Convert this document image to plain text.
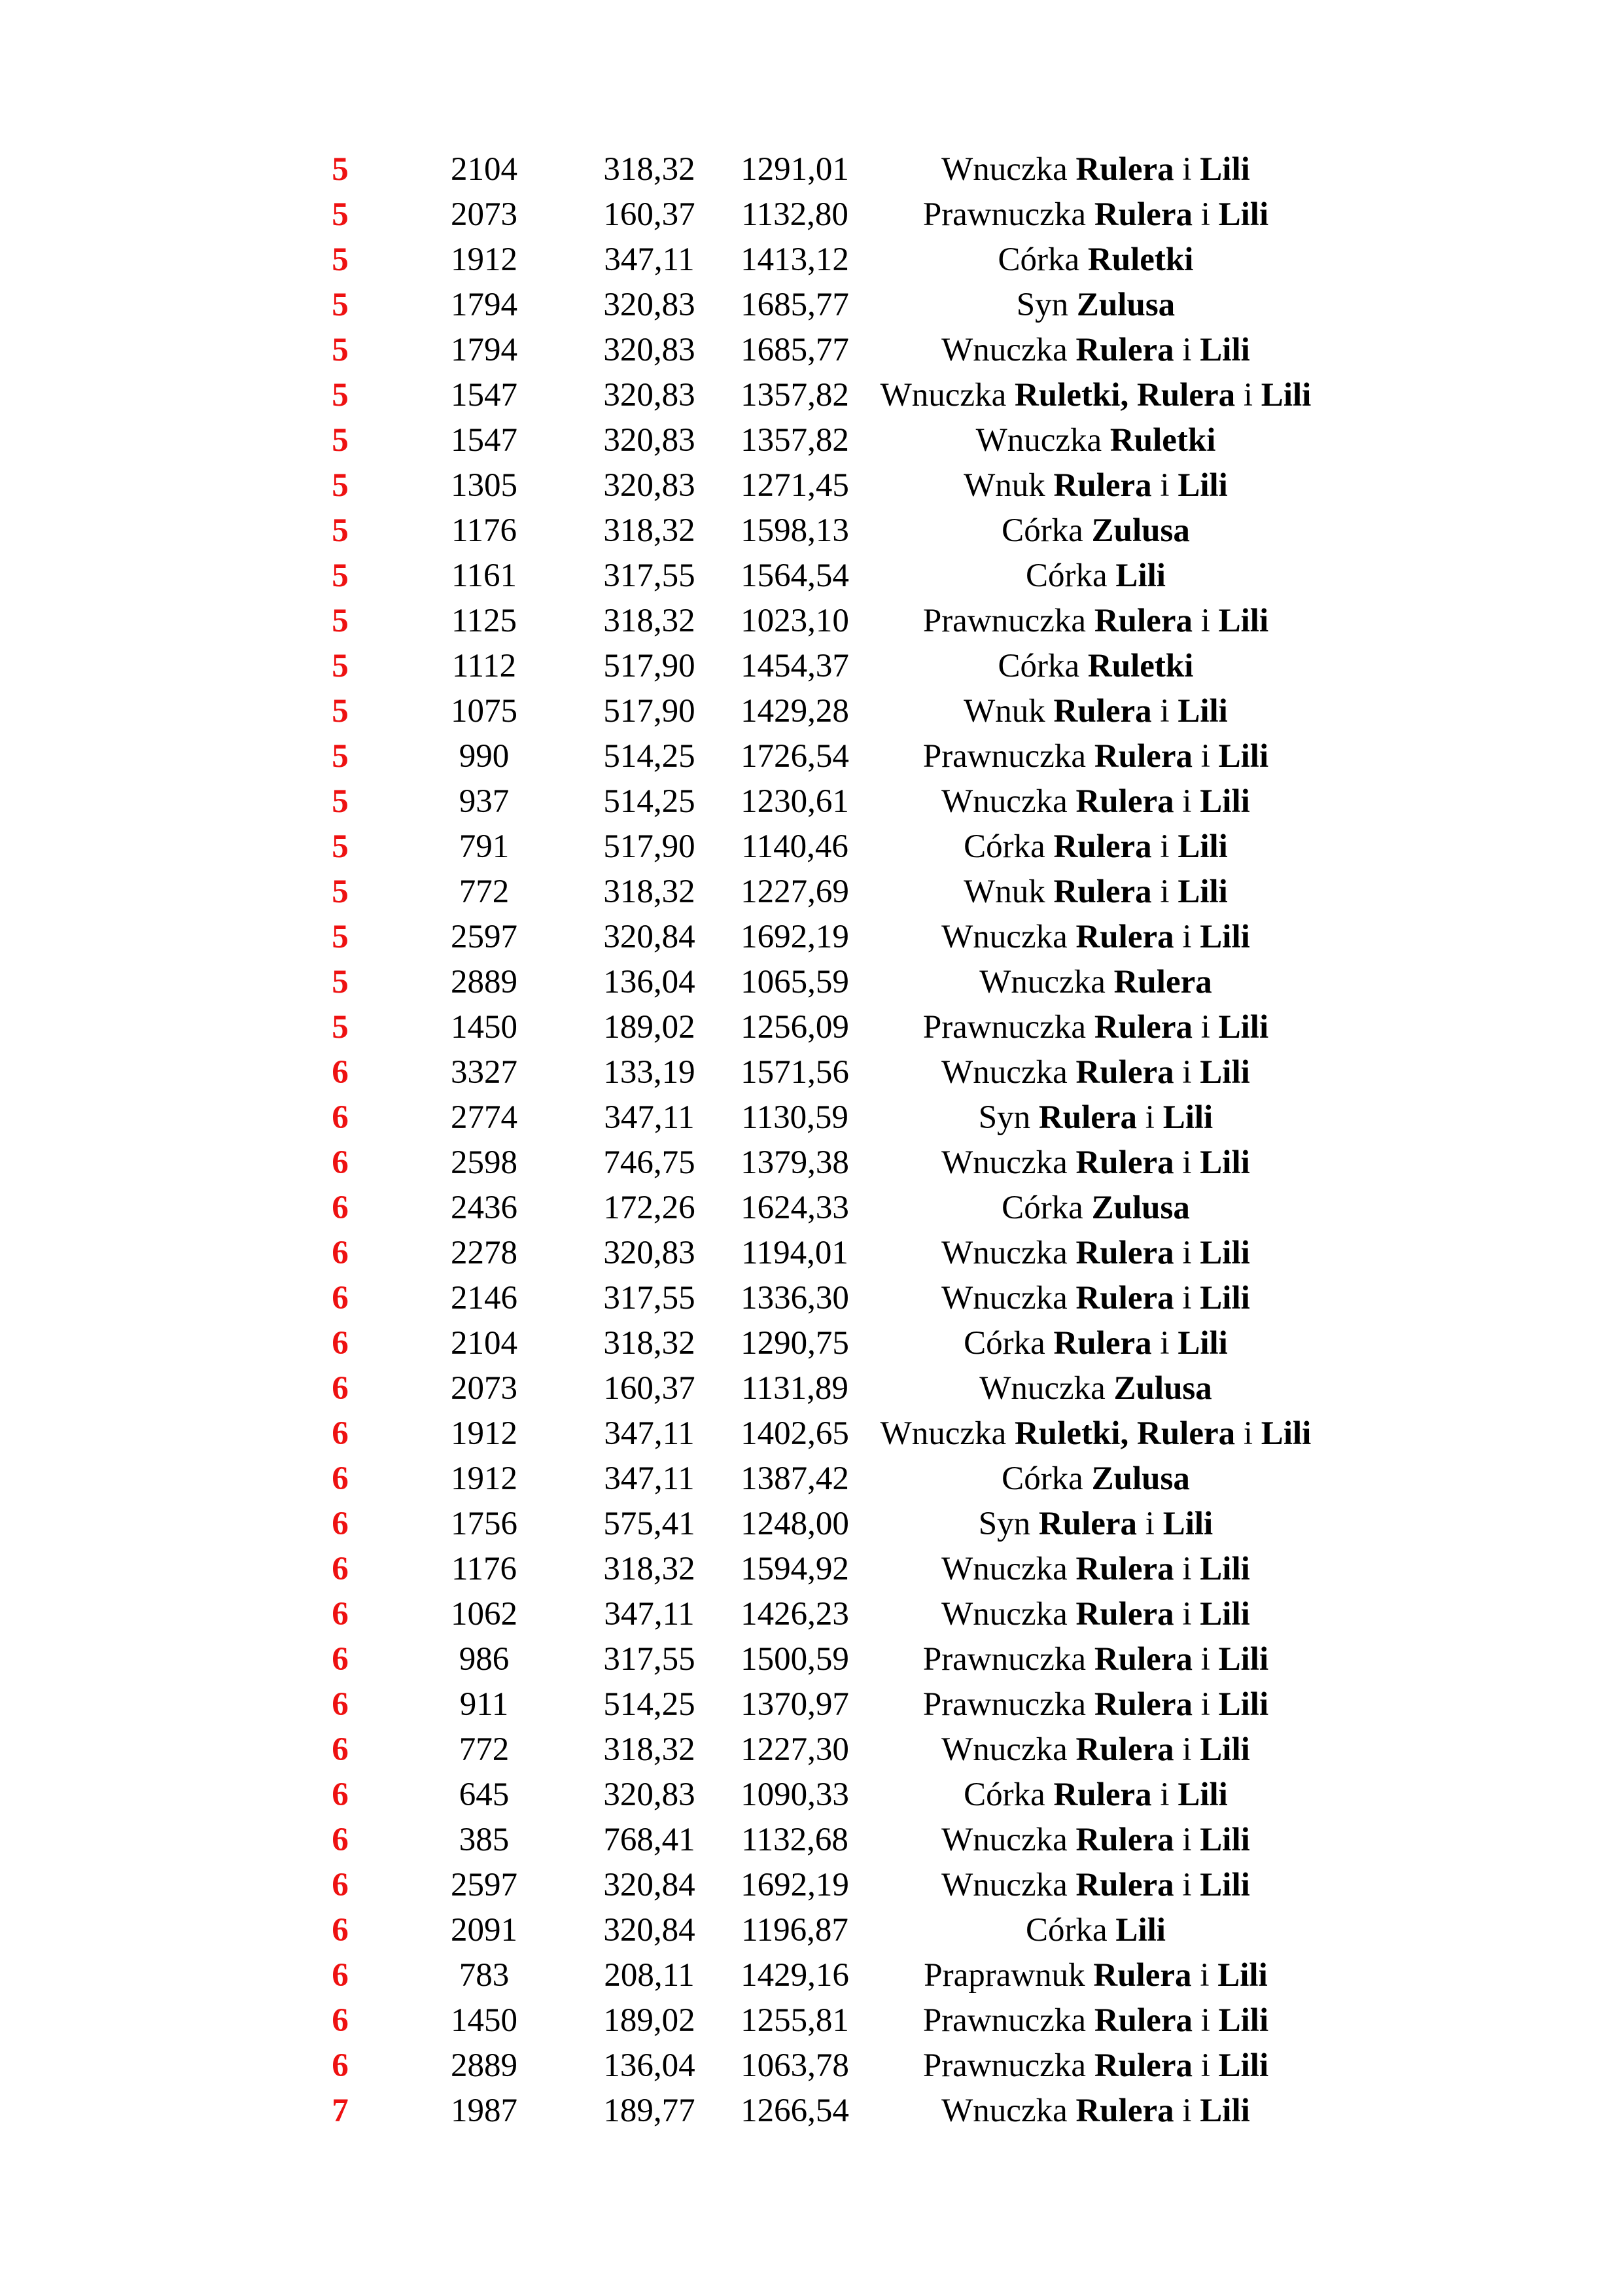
5	2104	318,32	1291,01	Wnuczka Rulera i Lili
5	2073	160,37	1132,80	Prawnuczka Rulera i Lili
5	1912	347,11	1413,12	Córka Ruletki
5	1794	320,83	1685,77	Syn Zulusa
5	1794	320,83	1685,77	Wnuczka Rulera i Lili
5	1547	320,83	1357,82 Wnuczka Ruletki, Rulera i Lili
5	1547	320,83	1357,82	Wnuczka Ruletki
5	1305	320,83	1271,45	Wnuk Rulera i Lili
5	1176	318,32	1598,13	Córka Zulusa
5	1161	317,55	1564,54	Córka Lili
5	1125	318,32	1023,10	Prawnuczka Rulera i Lili
5	1112	517,90	1454,37	Córka Ruletki
5	1075	517,90	1429,28	Wnuk Rulera i Lili
5	990	514,25	1726,54	Prawnuczka Rulera i Lili
5	937	514,25	1230,61	Wnuczka Rulera i Lili
5	791	517,90	1140,46	Córka Rulera i Lili
5	772	318,32	1227,69	Wnuk Rulera i Lili
5	2597	320,84	1692,19	Wnuczka Rulera i Lili
5	2889	136,04	1065,59	Wnuczka Rulera
5	1450	189,02	1256,09	Prawnuczka Rulera i Lili
6	3327	133,19	1571,56	Wnuczka Rulera i Lili
6	2774	347,11	1130,59	Syn Rulera i Lili
6	2598	746,75	1379,38	Wnuczka Rulera i Lili
6	2436	172,26	1624,33	Córka Zulusa
6	2278	320,83	1194,01	Wnuczka Rulera i Lili
6	2146	317,55	1336,30	Wnuczka Rulera i Lili
6	2104	318,32	1290,75	Córka Rulera i Lili
6	2073	160,37	1131,89	Wnuczka Zulusa
6	1912	347,11	1402,65 Wnuczka Ruletki, Rulera i Lili
6	1912	347,11	1387,42	Córka Zulusa
6	1756	575,41	1248,00	Syn Rulera i Lili
6	1176	318,32	1594,92	Wnuczka Rulera i Lili
6	1062	347,11	1426,23	Wnuczka Rulera i Lili
6	986	317,55	1500,59	Prawnuczka Rulera i Lili
6	911	514,25	1370,97	Prawnuczka Rulera i Lili
6	772	318,32	1227,30	Wnuczka Rulera i Lili
6	645	320,83	1090,33	Córka Rulera i Lili
6	385	768,41	1132,68	Wnuczka Rulera i Lili
6	2597	320,84	1692,19	Wnuczka Rulera i Lili
6	2091	320,84	1196,87	Córka Lili
6	783	208,11	1429,16	Praprawnuk Rulera i Lili
6	1450	189,02	1255,81	Prawnuczka Rulera i Lili
6	2889	136,04	1063,78	Prawnuczka Rulera i Lili
7	1987	189,77	1266,54	Wnuczka Rulera i Lili
